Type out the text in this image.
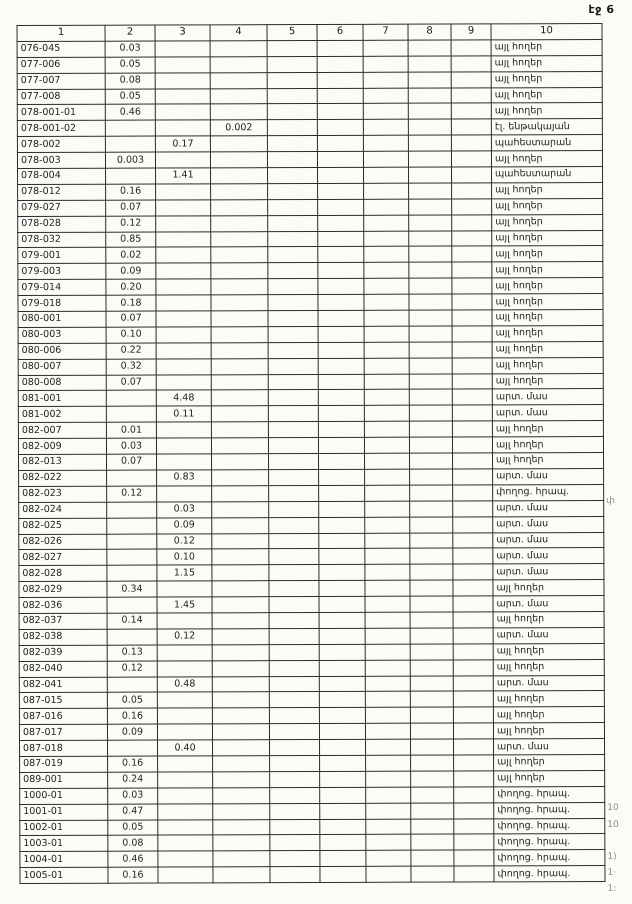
էջ 6
1	2	3	4	5	6	7	8	9	10
076-045	0.03								այլ հողեր
077-006	0.05								այլ հողեր
077-007	0.08								այլ հողեր
077-008	0.05								այլ հողեր
078-001-01	0.46								այլ հողեր
078-001-02			0.002						էլ. ենթակայան
078-002		0.17							պահեստարան
078-003	0.003								այլ հողեր
078-004		1.41							պահեստարան
078-012	0.16								այլ հողեր
079-027	0.07								այլ հողեր
078-028	0.12								այլ հողեր
078-032	0.85								այլ հողեր
079-001	0.02								այլ հողեր
079-003	0.09								այլ հողեր
079-014	0.20								այլ հողեր
079-018	0.18								այլ հողեր
080-001	0.07								այլ հողեր
080-003	0.10								այլ հողեր
080-006	0.22								այլ հողեր
080-007	0.32								այլ հողեր
080-008	0.07								այլ հողեր
081-001		4.48							արտ. մաս
081-002		0.11							արտ. մաս
082-007	0.01								այլ հողեր
082-009	0.03								այլ հողեր
082-013	0.07								այլ հողեր
082-022		0.83							արտ. մաս
082-023	0.12								փողոց. հրապ.
082-024		0.03							արտ. մաս
082-025		0.09							արտ. մաս
082-026		0.12							արտ. մաս
082-027		0.10							արտ. մաս
082-028		1.15							արտ. մաս
082-029	0.34								այլ հողեր
082-036		1.45							արտ. մաս
082-037	0.14								այլ հողեր
082-038		0.12							արտ. մաս
082-039	0.13								այլ հողեր
082-040	0.12								այլ հողեր
082-041		0.48							արտ. մաս
087-015	0.05								այլ հողեր
087-016	0.16								այլ հողեր
087-017	0.09								այլ հողեր
087-018		0.40							արտ. մաս
087-019	0.16								այլ հողեր
089-001	0.24								այլ հողեր
1000-01	0.03								փողոց. հրապ.
1001-01	0.47								փողոց. հրապ.
1002-01	0.05								փողոց. հրապ.
1003-01	0.08								փողոց. հրապ.
1004-01	0.46								փողոց. հրապ.
1005-01	0.16								փողոց. հրապ.
փ
10
10
1)
1·
1:
